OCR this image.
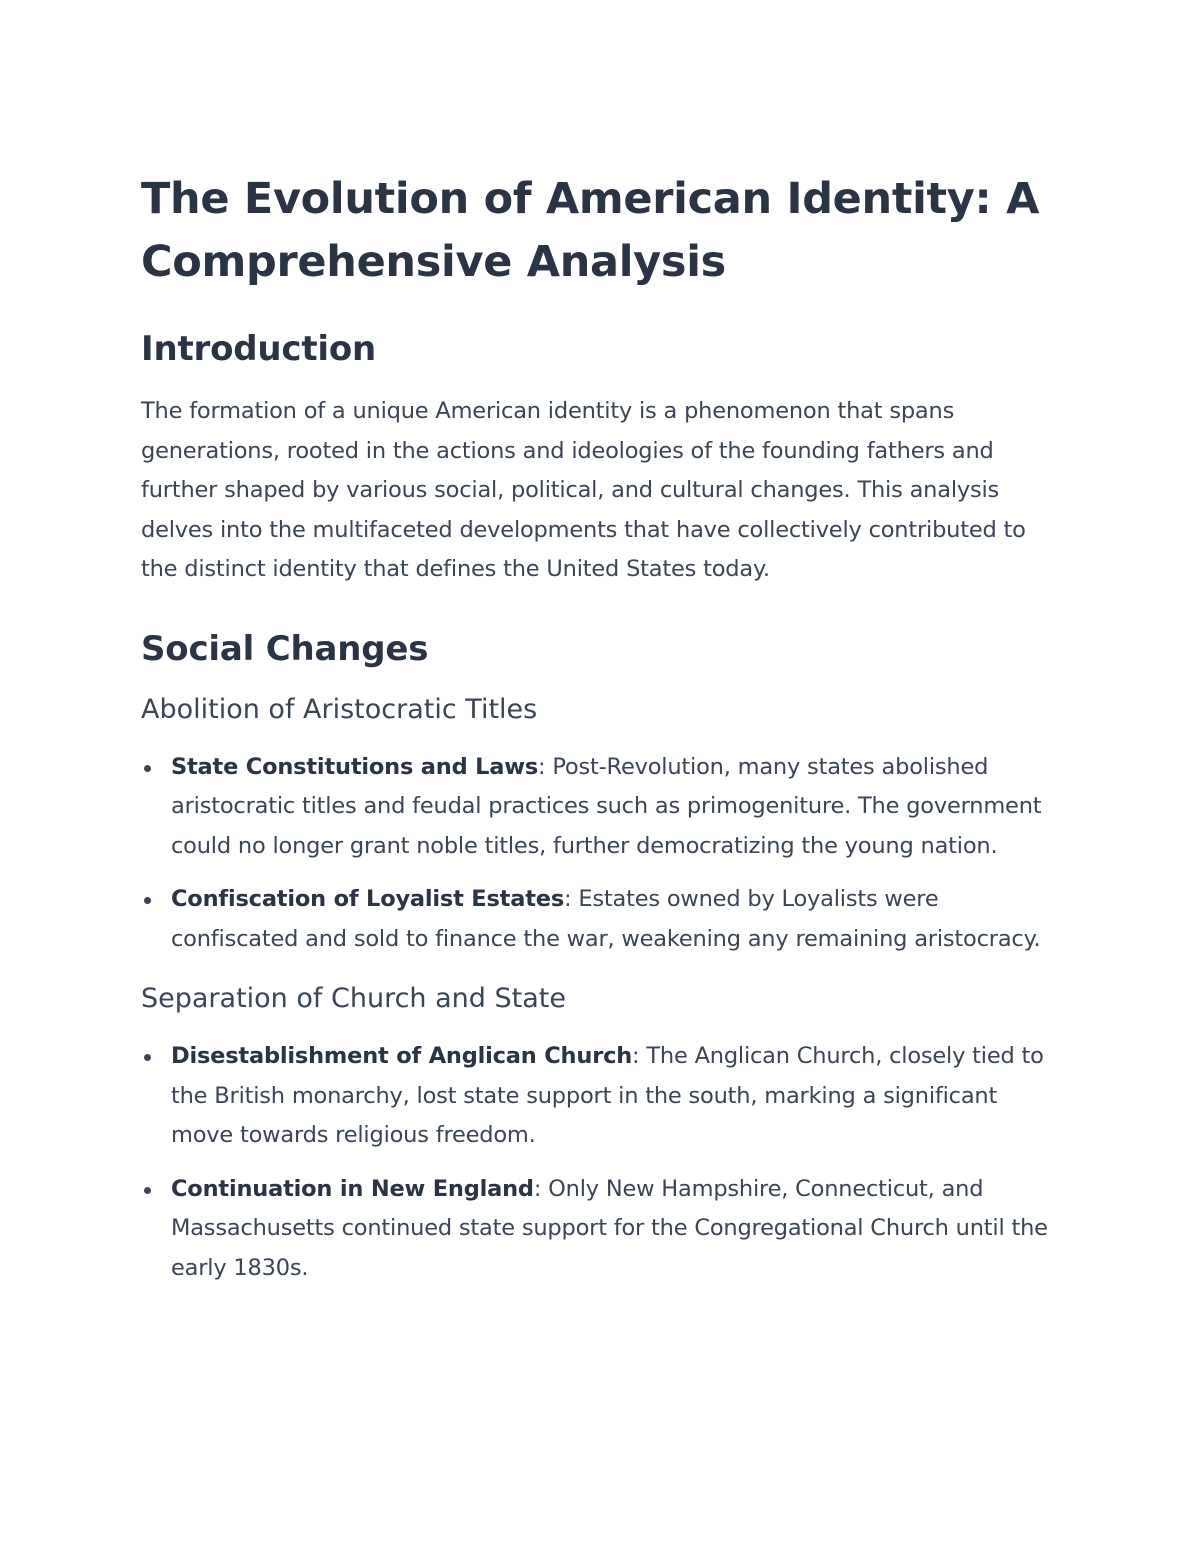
The Evolution of American Identity: A Comprehensive Analysis
Introduction

The formation of a unique American identity is a phenomenon that spans generations, rooted in the actions and ideologies of the founding fathers and further shaped by various social, political, and cultural changes. This analysis delves into the multifaceted developments that have collectively contributed to the distinct identity that defines the United States today.

Social Changes
Abolition of Aristocratic Titles
State Constitutions and Laws: Post-Revolution, many states abolished aristocratic titles and feudal practices such as primogeniture. The government could no longer grant noble titles, further democratizing the young nation.
Confiscation of Loyalist Estates: Estates owned by Loyalists were confiscated and sold to finance the war, weakening any remaining aristocracy.
Separation of Church and State
Disestablishment of Anglican Church: The Anglican Church, closely tied to the British monarchy, lost state support in the south, marking a significant move towards religious freedom.
Continuation in New England: Only New Hampshire, Connecticut, and Massachusetts continued state support for the Congregational Church until the early 1830s.
